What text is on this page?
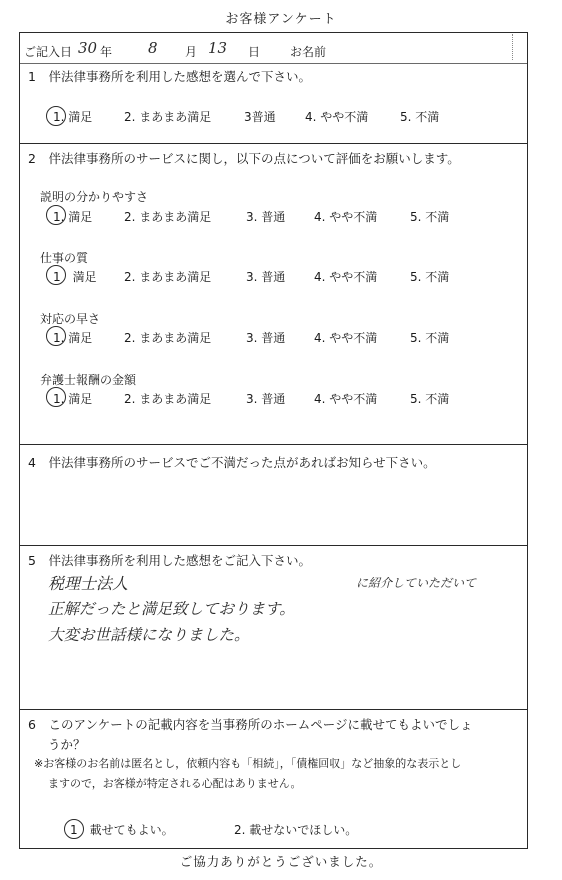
お客様アンケート
ご記入日 30 年 8 月 13 日 お名前
1　伴法律事務所を利用した感想を選んで下さい。
1. 満足	2. まあまあ満足	3普通 4. やや不満	5. 不満
2　伴法律事務所のサービスに関し，以下の点について評価をお願いします。
説明の分かりやすさ
1. 満足	2. まあまあ満足	3. 普通 4. やや不満	5. 不満
仕事の質
1　満足 2. まあまあ満足	3. 普通 4. やや不満	5. 不満
対応の早さ
1. 満足	2. まあまあ満足	3. 普通 4. やや不満	5. 不満
弁護士報酬の金額
1. 満足	2. まあまあ満足	3. 普通 4. やや不満	5. 不満
4　伴法律事務所のサービスでご不満だった点があればお知らせ下さい。
5　伴法律事務所を利用した感想をご記入下さい。
税理士法人	に紹介していただいて
正解だったと満足致しております。
大変お世話様になりました。
6　このアンケートの記載内容を当事務所のホームページに載せてもよいでしょ
うか？
※お客様のお名前は匿名とし，依頼内容も「相続」，「債権回収」など抽象的な表示とし
ますので，お客様が特定される心配はありません。
1　載せてもよい。	2. 載せないでほしい。
ご協力ありがとうございました。
